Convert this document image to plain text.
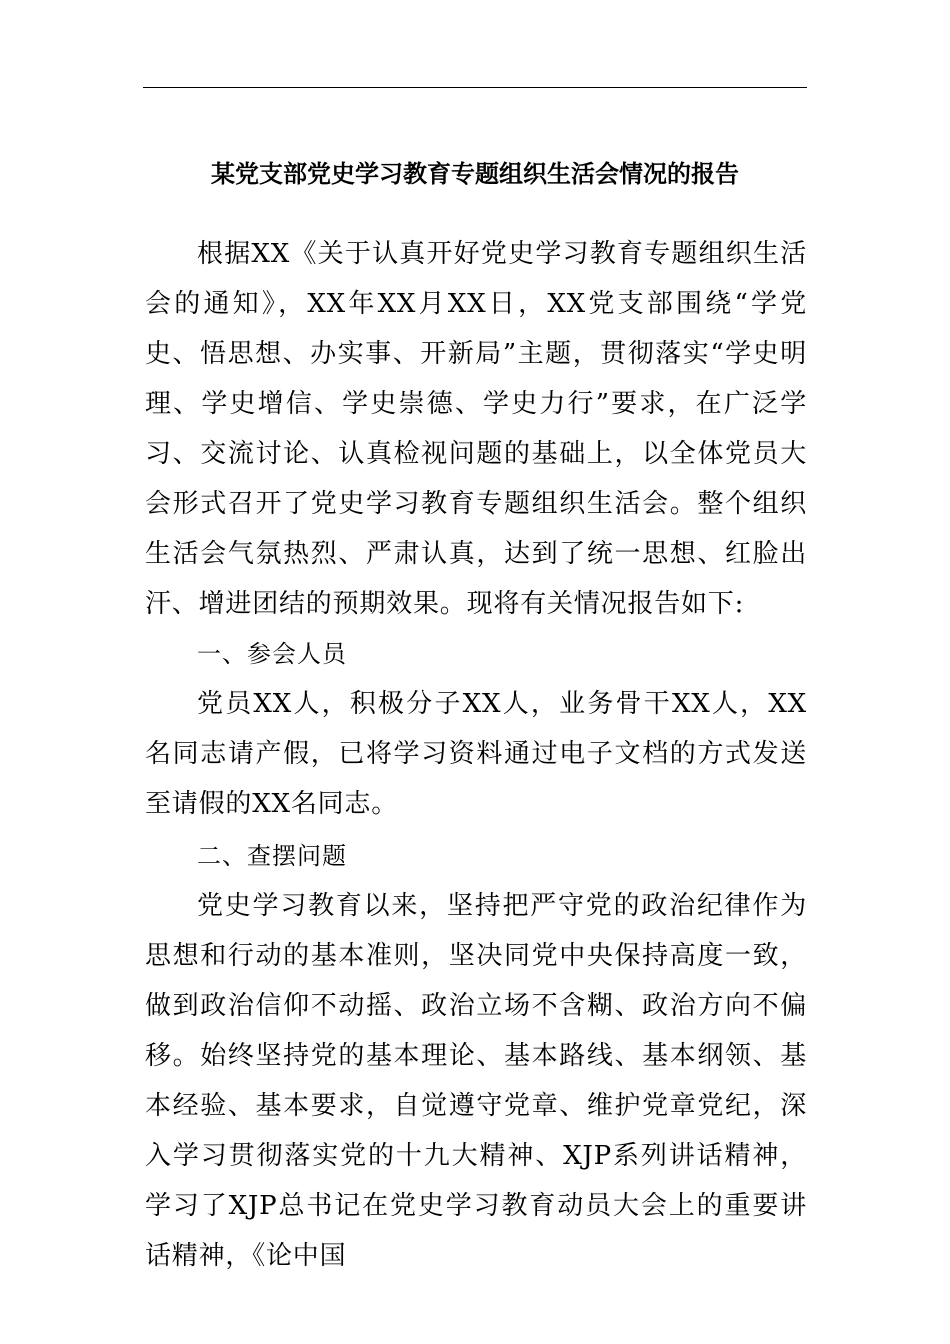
某党支部党史学习教育专题组织生活会情况的报告

根据XX《关于认真开好党史学习教育专题组织生活会的通知》，XX年XX月XX日，XX党支部围绕“学党史、悟思想、办实事、开新局”主题，贯彻落实“学史明理、学史增信、学史崇德、学史力行”要求，在广泛学习、交流讨论、认真检视问题的基础上，以全体党员大会形式召开了党史学习教育专题组织生活会。整个组织生活会气氛热烈、严肃认真，达到了统一思想、红脸出汗、增进团结的预期效果。现将有关情况报告如下:

一、参会人员

党员XX人，积极分子XX人，业务骨干XX人，XX名同志请产假，已将学习资料通过电子文档的方式发送至请假的XX名同志。

二、查摆问题

党史学习教育以来，坚持把严守党的政治纪律作为思想和行动的基本准则，坚决同党中央保持高度一致，做到政治信仰不动摇、政治立场不含糊、政治方向不偏移。始终坚持党的基本理论、基本路线、基本纲领、基本经验、基本要求，自觉遵守党章、维护党章党纪，深入学习贯彻落实党的十九大精神、XJP系列讲话精神，学习了XJP总书记在党史学习教育动员大会上的重要讲话精神，《论中国
